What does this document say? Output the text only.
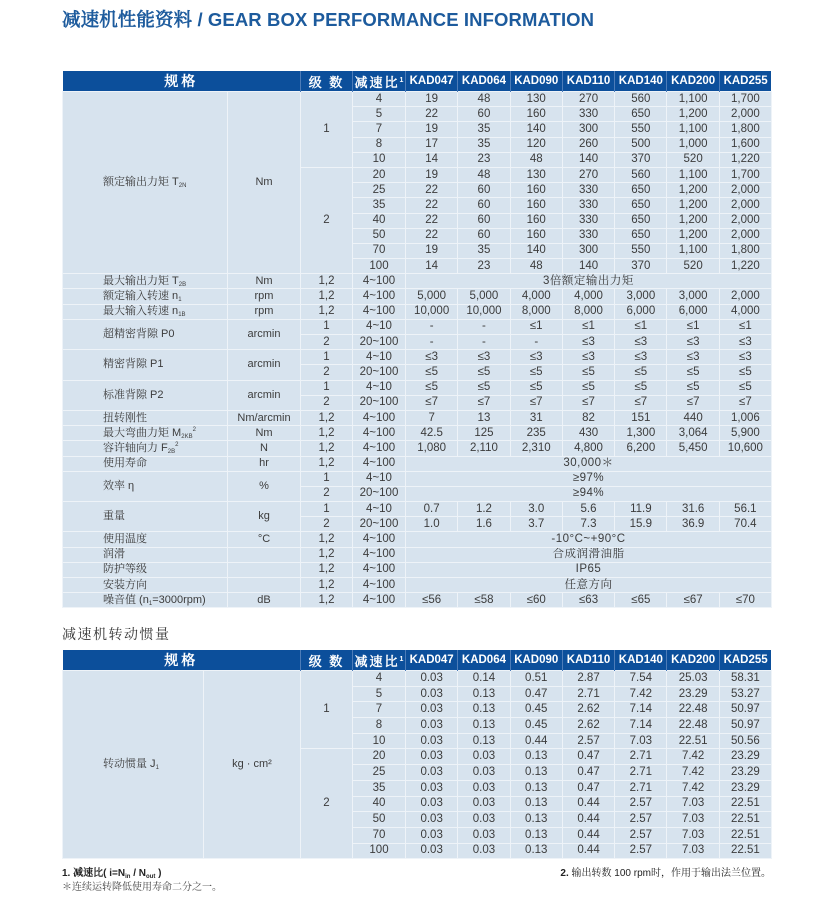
减速机性能资料 / GEAR BOX PERFORMANCE INFORMATION
规格		级 数	减速比$^1$	KAD047	KAD064	KAD090	KAD110	KAD140	KAD200	KAD255
额定输出力矩 $T_{2N}$	Nm	1	4	19	48	130	270	560	1,100	1,700
			5	22	60	160	330	650	1,200	2,000
			7	19	35	140	300	550	1,100	1,800
			8	17	35	120	260	500	1,000	1,600
			10	14	23	48	140	370	520	1,220
		2	20	19	48	130	270	560	1,100	1,700
			25	22	60	160	330	650	1,200	2,000
			35	22	60	160	330	650	1,200	2,000
			40	22	60	160	330	650	1,200	2,000
			50	22	60	160	330	650	1,200	2,000
			70	19	35	140	300	550	1,100	1,800
			100	14	23	48	140	370	520	1,220
最大输出力矩 $T_{2B}$	Nm	1,2	4~100	3倍额定输出力矩						
额定输入转速 $n_1$	rpm	1,2	4~100	5,000	5,000	4,000	4,000	3,000	3,000	2,000
最大输入转速 $n_{1B}$	rpm	1,2	4~100	10,000	10,000	8,000	8,000	6,000	6,000	4,000
超精密背隙 P0	arcmin	1	4~10	-	-	≤1	≤1	≤1	≤1	≤1
		2	20~100	-	-	-	≤3	≤3	≤3	≤3
精密背隙 P1	arcmin	1	4~10	≤3	≤3	≤3	≤3	≤3	≤3	≤3
		2	20~100	≤5	≤5	≤5	≤5	≤5	≤5	≤5
标准背隙 P2	arcmin	1	4~10	≤5	≤5	≤5	≤5	≤5	≤5	≤5
		2	20~100	≤7	≤7	≤7	≤7	≤7	≤7	≤7
扭转刚性	Nm/arcmin	1,2	4~100	7	13	31	82	151	440	1,006
最大弯曲力矩 $M_{2KB}^2$	Nm	1,2	4~100	42.5	125	235	430	1,300	3,064	5,900
容许轴向力 $F_{2B}^2$	N	1,2	4~100	1,080	2,110	2,310	4,800	6,200	5,450	10,600
使用寿命	hr	1,2	4~100	30,000＊						
效率 η	%	1	4~10	≥97%						
		2	20~100	≥94%						
重量	kg	1	4~10	0.7	1.2	3.0	5.6	11.9	31.6	56.1
		2	20~100	1.0	1.6	3.7	7.3	15.9	36.9	70.4
使用温度	°C	1,2	4~100	-10°C~+90°C						
润滑		1,2	4~100	合成润滑油脂						
防护等级		1,2	4~100	IP65						
安装方向		1,2	4~100	任意方向						
噪音值 $(n_1=3000rpm)$	dB	1,2	4~100	≤56	≤58	≤60	≤63	≤65	≤67	≤70
减速机转动惯量
规格		级 数	减速比$^1$	KAD047	KAD064	KAD090	KAD110	KAD140	KAD200	KAD255
转动惯量 $J_1$	kg · cm²	1	4	0.03	0.14	0.51	2.87	7.54	25.03	58.31
			5	0.03	0.13	0.47	2.71	7.42	23.29	53.27
			7	0.03	0.13	0.45	2.62	7.14	22.48	50.97
			8	0.03	0.13	0.45	2.62	7.14	22.48	50.97
			10	0.03	0.13	0.44	2.57	7.03	22.51	50.56
		2	20	0.03	0.03	0.13	0.47	2.71	7.42	23.29
			25	0.03	0.03	0.13	0.47	2.71	7.42	23.29
			35	0.03	0.03	0.13	0.47	2.71	7.42	23.29
			40	0.03	0.03	0.13	0.44	2.57	7.03	22.51
			50	0.03	0.03	0.13	0.44	2.57	7.03	22.51
			70	0.03	0.03	0.13	0.44	2.57	7.03	22.51
			100	0.03	0.03	0.13	0.44	2.57	7.03	22.51
1. 减速比( $i=N_{in} / N_{out}$ )
＊连续运转降低使用寿命二分之一。
2. 输出转数 100 rpm时，作用于输出法兰位置。
